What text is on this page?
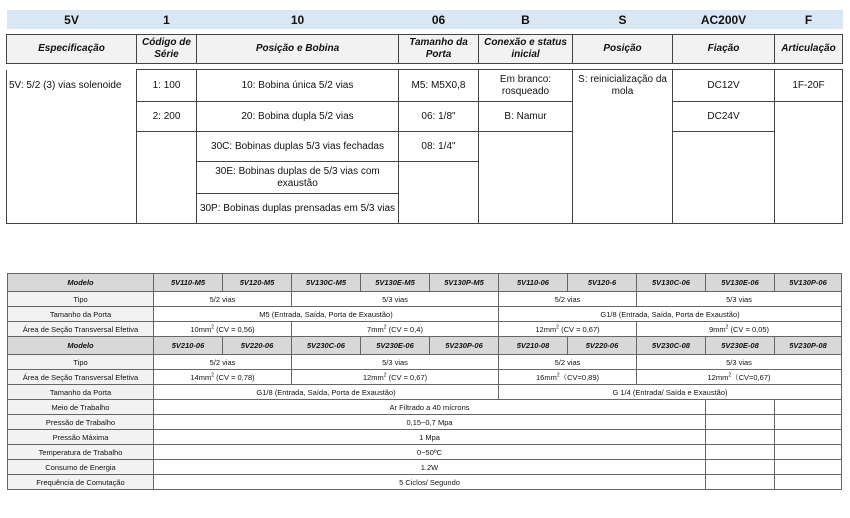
5V	1	10	06	B	S	AC200V	F

Especificação	Código de Série	Posição e Bobina	Tamanho da Porta	Conexão e status inicial	Posição	Fiação	Articulação

5V: 5/2 (3) vias solenoide	1: 100	10: Bobina única 5/2 vias	M5: M5X0,8	Em branco: rosqueado	S: reinicialização da mola	DC12V	1F-20F
	2: 200	20: Bobina dupla 5/2 vias	06: 1/8"	B: Namur		DC24V	
		30C: Bobinas duplas 5/3 vias fechadas	08: 1/4"				
		30E: Bobinas duplas de 5/3 vias com exaustão					
		30P: Bobinas duplas prensadas em 5/3 vias					
Modelo	5V110-M5	5V120-M5	5V130C-M5	5V130E-M5	5V130P-M5	5V110-06	5V120-6	5V130C-06	5V130E-06	5V130P-06
Tipo	5/2 vias		5/3 vias			5/2 vias		5/3 vias		
Tamanho da Porta	M5 (Entrada, Saída, Porta de Exaustão)					G1/8 (Entrada, Saída, Porta de Exaustão)				
Área de Seção Transversal Efetiva	$10mm^2$ (CV = 0,56)		$7mm^2$ (CV = 0,4)			$12mm^2$ (CV = 0,67)		$9mm^2$ (CV = 0,05)		
Modelo	5V210-06	5V220-06	5V230C-06	5V230E-06	5V230P-06	5V210-08	5V220-06	5V230C-08	5V230E-08	5V230P-08
Tipo	5/2 vias		5/3 vias			5/2 vias		5/3 vias		
Área de Seção Transversal Efetiva	$14mm^2$ (CV = 0,78)		$12mm^2$ (CV = 0,67)			$16mm^2(CV=0,89)$		$12mm^2(CV=0,67)$		
Tamanho da Porta	G1/8 (Entrada, Saída, Porta de Exaustão)					G 1/4 (Entrada/ Saída e Exaustão)				
Meio de Trabalho	Ar Filtrado a 40 mícrons									
Pressão de Trabalho	0,15~0,7 Mpa									
Pressão Máxima	1 Mpa									
Temperatura de Trabalho	0~50ºC									
Consumo de Energia	1.2W									
Frequência de Comutação	5 Ciclos/ Segundo									
